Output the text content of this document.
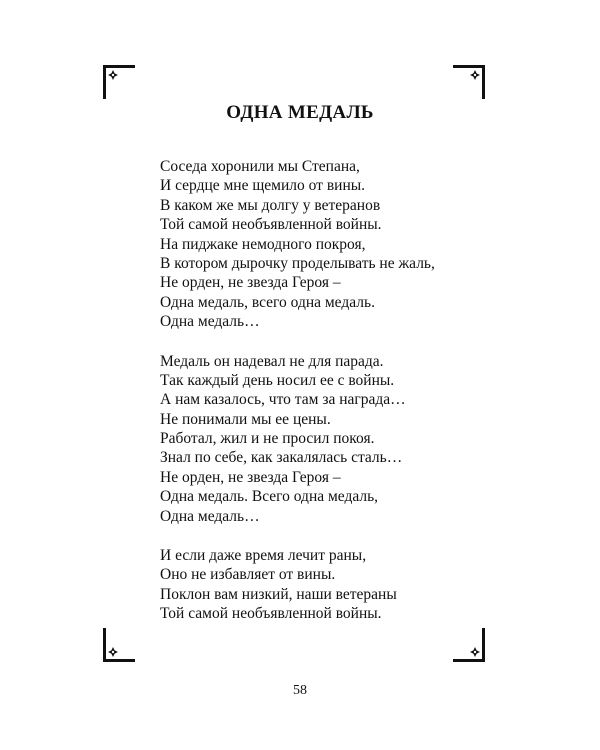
ОДНА МЕДАЛЬ
Соседа хоронили мы Степана,
И сердце мне щемило от вины.
В каком же мы долгу у ветеранов
Той самой необъявленной войны.
На пиджаке немодного покроя,
В котором дырочку проделывать не жаль,
Не орден, не звезда Героя –
Одна медаль, всего одна медаль.
Одна медаль…
Медаль он надевал не для парада.
Так каждый день носил ее с войны.
А нам казалось, что там за награда…
Не понимали мы ее цены.
Работал, жил и не просил покоя.
Знал по себе, как закалялась сталь…
Не орден, не звезда Героя –
Одна медаль. Всего одна медаль,
Одна медаль…
И если даже время лечит раны,
Оно не избавляет от вины.
Поклон вам низкий, наши ветераны
Той самой необъявленной войны.
58
